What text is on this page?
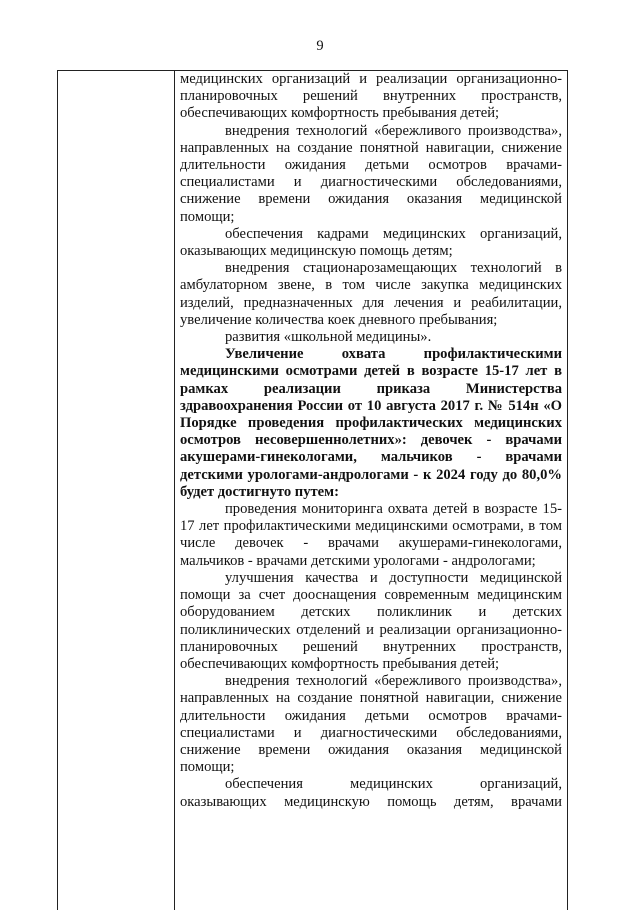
9

медицинских организаций и реализации организационно-планировочных решений внутренних пространств, обеспечивающих комфортность пребывания детей;

внедрения технологий «бережливого производства», направленных на создание понятной навигации, снижение длительности ожидания детьми осмотров врачами-специалистами и диагностическими обследованиями, снижение времени ожидания оказания медицинской помощи;

обеспечения кадрами медицинских организаций, оказывающих медицинскую помощь детям;

внедрения стационарозамещающих технологий в амбулаторном звене, в том числе закупка медицинских изделий, предназначенных для лечения и реабилитации, увеличение количества коек дневного пребывания;

развития «школьной медицины».

Увеличение охвата профилактическими медицинскими осмотрами детей в возрасте 15-17 лет в рамках реализации приказа Министерства здравоохранения России от 10 августа 2017 г. № 514н «О Порядке проведения профилактических медицинских осмотров несовершеннолетних»: девочек - врачами акушерами-гинекологами, мальчиков - врачами детскими урологами-андрологами - к 2024 году до 80,0% будет достигнуто путем:

проведения мониторинга охвата детей в возрасте 15-17 лет профилактическими медицинскими осмотрами, в том числе девочек - врачами акушерами-гинекологами, мальчиков - врачами детскими урологами - андрологами;

улучшения качества и доступности медицинской помощи за счет дооснащения современным медицинским оборудованием детских поликлиник и детских поликлинических отделений и реализации организационно-планировочных решений внутренних пространств, обеспечивающих комфортность пребывания детей;

внедрения технологий «бережливого производства», направленных на создание понятной навигации, снижение длительности ожидания детьми осмотров врачами-специалистами и диагностическими обследованиями, снижение времени ожидания оказания медицинской помощи;

обеспечения медицинских организаций, оказывающих медицинскую помощь детям, врачами
